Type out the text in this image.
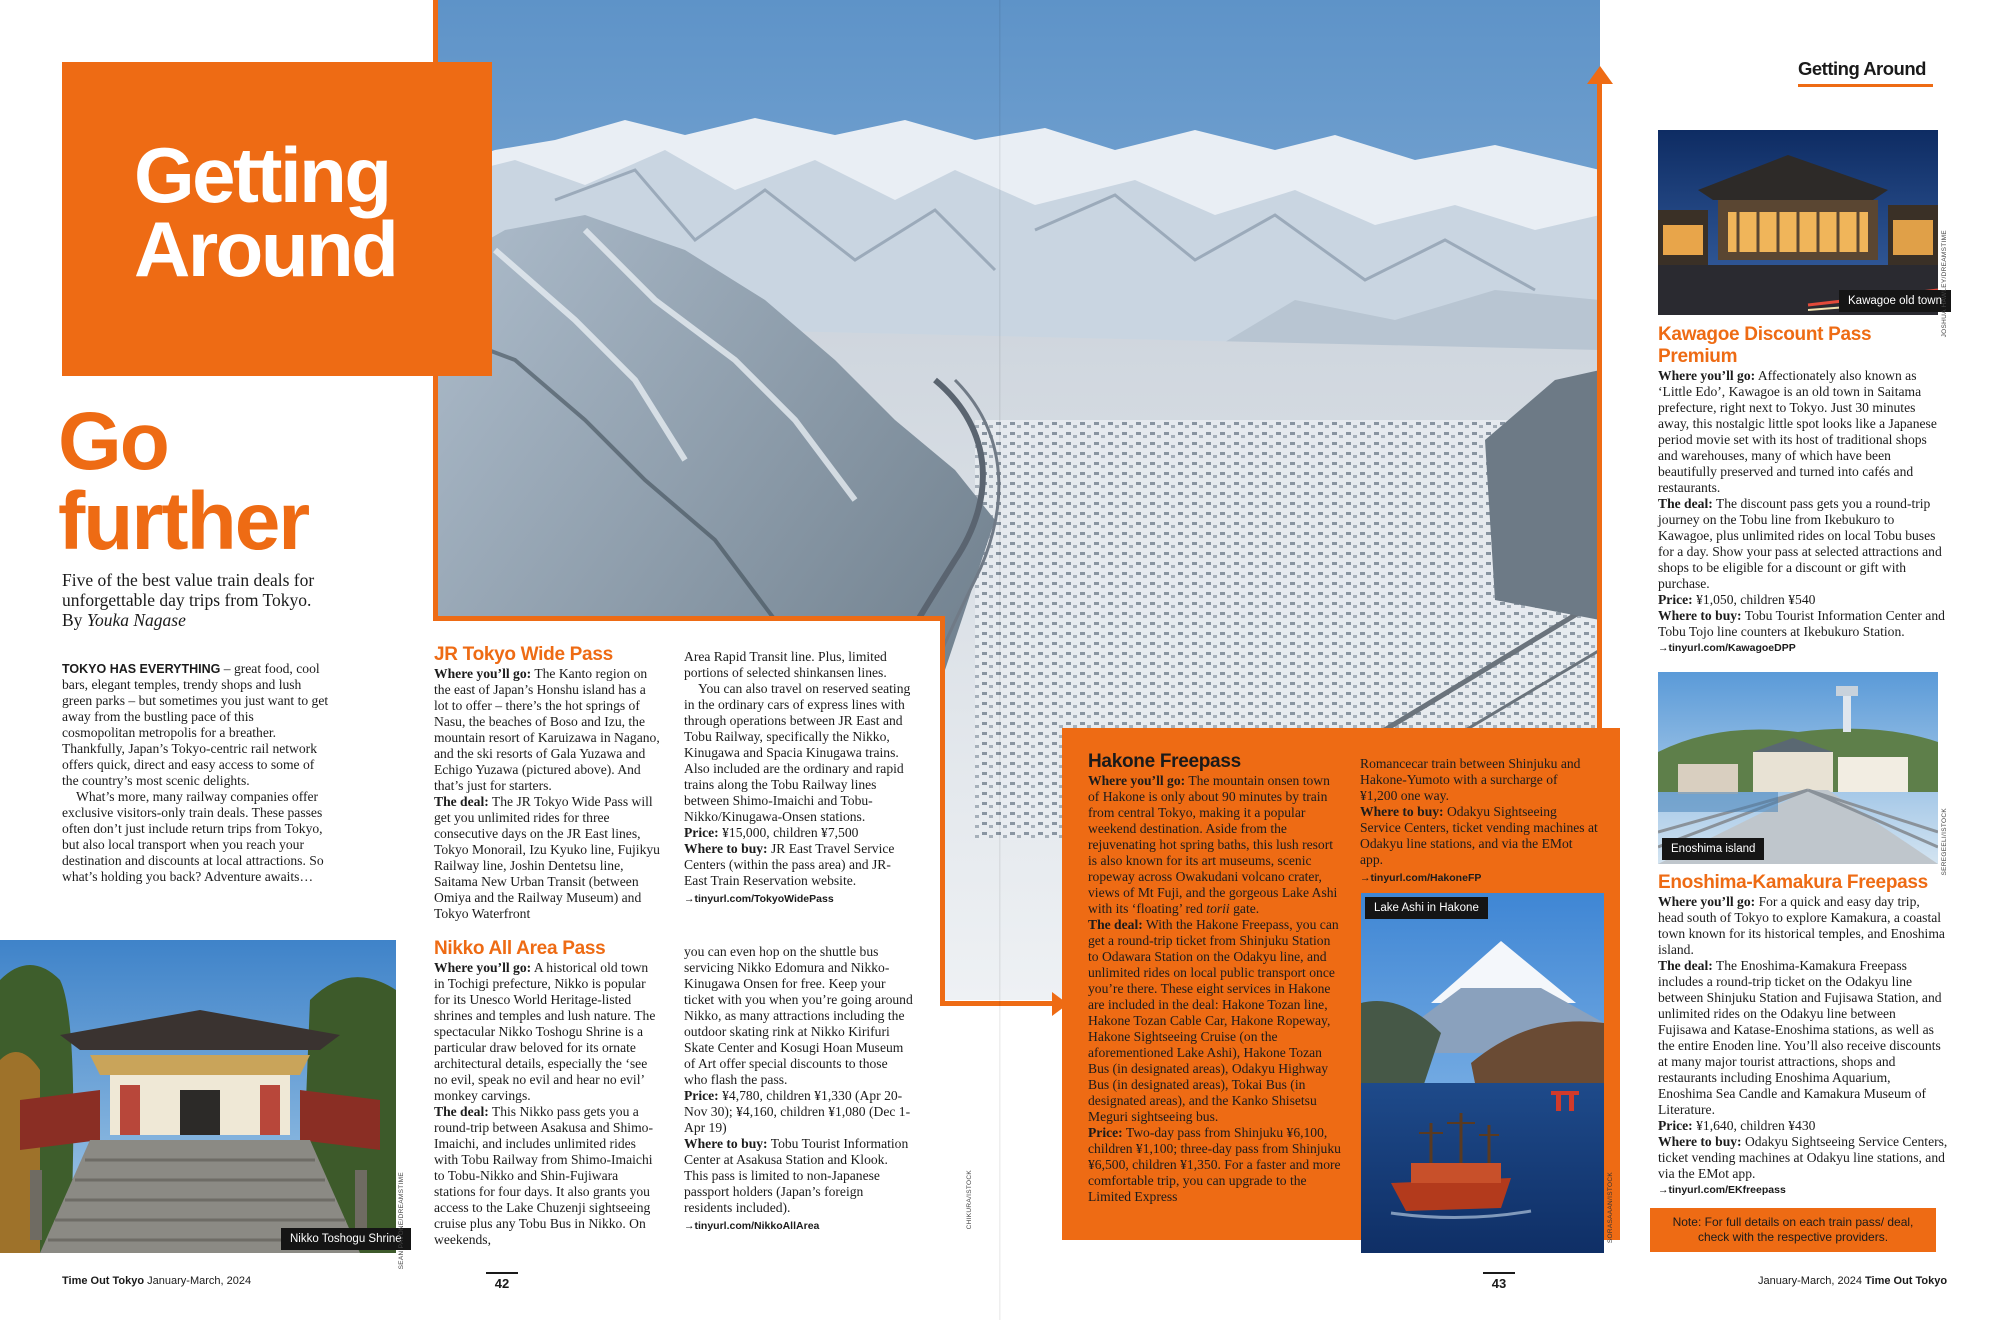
Getting
Around
Go
further
Five of the best value train deals for unforgettable day trips from Tokyo.
By Youka Nagase

TOKYO HAS EVERYTHING – great food, cool bars, elegant temples, trendy shops and lush green parks – but sometimes you just want to get away from the bustling pace of this cosmopolitan metropolis for a breather. Thankfully, Japan’s Tokyo-centric rail network offers quick, direct and easy access to some of the country’s most scenic delights.

What’s more, many railway companies offer exclusive visitors-only train deals. These passes often don’t just include return trips from Tokyo, but also local transport when you reach your destination and discounts at local attractions. So what’s holding you back? Adventure awaits…

Nikko Toshogu Shrine
SEAN PAVONE/DREAMSTIME
JR Tokyo Wide Pass

Where you’ll go: The Kanto region on the east of Japan’s Honshu island has a lot to offer – there’s the hot springs of Nasu, the beaches of Boso and Izu, the mountain resort of Karuizawa in Nagano, and the ski resorts of Gala Yuzawa and Echigo Yuzawa (pictured above). And that’s just for starters.

The deal: The JR Tokyo Wide Pass will get you unlimited rides for three consecutive days on the JR East lines, Tokyo Monorail, Izu Kyuko line, Fujikyu Railway line, Joshin Dentetsu line, Saitama New Urban Transit (between Omiya and the Railway Museum) and Tokyo Waterfront

Area Rapid Transit line. Plus, limited portions of selected shinkansen lines.

You can also travel on reserved seating in the ordinary cars of express lines with through operations between JR East and Tobu Railway, specifically the Nikko, Kinugawa and Spacia Kinugawa trains. Also included are the ordinary and rapid trains along the Tobu Railway lines between Shimo-Imaichi and Tobu-Nikko/Kinugawa-Onsen stations.

Price: ¥15,000, children ¥7,500

Where to buy: JR East Travel Service Centers (within the pass area) and JR-East Train Reservation website.

→tinyurl.com/TokyoWidePass
Nikko All Area Pass

Where you’ll go: A historical old town in Tochigi prefecture, Nikko is popular for its Unesco World Heritage-listed shrines and temples and lush nature. The spectacular Nikko Toshogu Shrine is a particular draw beloved for its ornate architectural details, especially the ‘see no evil, speak no evil and hear no evil’ monkey carvings.

The deal: This Nikko pass gets you a round-trip between Asakusa and Shimo-Imaichi, and includes unlimited rides with Tobu Railway from Shimo-Imaichi to Tobu-Nikko and Shin-Fujiwara stations for four days. It also grants you access to the Lake Chuzenji sightseeing cruise plus any Tobu Bus in Nikko. On weekends,

you can even hop on the shuttle bus servicing Nikko Edomura and Nikko-Kinugawa Onsen for free. Keep your ticket with you when you’re going around Nikko, as many attractions including the outdoor skating rink at Nikko Kirifuri Skate Center and Kosugi Hoan Museum of Art offer special discounts to those who flash the pass.

Price: ¥4,780, children ¥1,330 (Apr 20-Nov 30); ¥4,160, children ¥1,080 (Dec 1-Apr 19)

Where to buy: Tobu Tourist Information Center at Asakusa Station and Klook. This pass is limited to non-Japanese passport holders (Japan’s foreign residents included).

→tinyurl.com/NikkoAllArea	CHIKURA/ISTOCK
Hakone Freepass

Where you’ll go: The mountain onsen town of Hakone is only about 90 minutes by train from central Tokyo, making it a popular weekend destination. Aside from the rejuvenating hot spring baths, this lush resort is also known for its art museums, scenic ropeway across Owakudani volcano crater, views of Mt Fuji, and the gorgeous Lake Ashi with its ‘floating’ red torii gate.

The deal: With the Hakone Freepass, you can get a round-trip ticket from Shinjuku Station to Odawara Station on the Odakyu line, and unlimited rides on local public transport once you’re there. These eight services in Hakone are included in the deal: Hakone Tozan line, Hakone Tozan Cable Car, Hakone Ropeway, Hakone Sightseeing Cruise (on the aforementioned Lake Ashi), Hakone Tozan Bus (in designated areas), Odakyu Highway Bus (in designated areas), Tokai Bus (in designated areas), and the Kanko Shisetsu Meguri sightseeing bus.

Price: Two-day pass from Shinjuku ¥6,100, children ¥1,100; three-day pass from Shinjuku ¥6,500, children ¥1,350. For a faster and more comfortable trip, you can upgrade to the Limited Express

Romancecar train between Shinjuku and Hakone-Yumoto with a surcharge of ¥1,200 one way.

Where to buy: Odakyu Sightseeing Service Centers, ticket vending machines at Odakyu line stations, and via the EMot app.

→tinyurl.com/HakoneFP
Lake Ashi in Hakone
SORASAAAN/ISTOCK
Getting Around
Kawagoe old town JOSHUA HAWLEY/DREAMSTIME
Kawagoe Discount Pass Premium

Where you’ll go: Affectionately also known as ‘Little Edo’, Kawagoe is an old town in Saitama prefecture, right next to Tokyo. Just 30 minutes away, this nostalgic little spot looks like a Japanese period movie set with its host of traditional shops and warehouses, many of which have been beautifully preserved and turned into cafés and restaurants.

The deal: The discount pass gets you a round-trip journey on the Tobu line from Ikebukuro to Kawagoe, plus unlimited rides on local Tobu buses for a day. Show your pass at selected attractions and shops to be eligible for a discount or gift with purchase.

Price: ¥1,050, children ¥540

Where to buy: Tobu Tourist Information Center and Tobu Tojo line counters at Ikebukuro Station.

→tinyurl.com/KawagoeDPP
Enoshima island	SEREGEELI/ISTOCK
Enoshima-Kamakura Freepass

Where you’ll go: For a quick and easy day trip, head south of Tokyo to explore Kamakura, a coastal town known for its historical temples, and Enoshima island.

The deal: The Enoshima-Kamakura Freepass includes a round-trip ticket on the Odakyu line between Shinjuku Station and Fujisawa Station, and unlimited rides on the Odakyu line between Fujisawa and Katase-Enoshima stations, as well as the entire Enoden line. You’ll also receive discounts at many major tourist attractions, shops and restaurants including Enoshima Aquarium, Enoshima Sea Candle and Kamakura Museum of Literature.

Price: ¥1,640, children ¥430

Where to buy: Odakyu Sightseeing Service Centers, ticket vending machines at Odakyu line stations, and via the EMot app.

→tinyurl.com/EKfreepass
Note: For full details on each train pass/ deal, check with the respective providers.
Time Out Tokyo January-March, 2024	42	43	January-March, 2024 Time Out Tokyo
